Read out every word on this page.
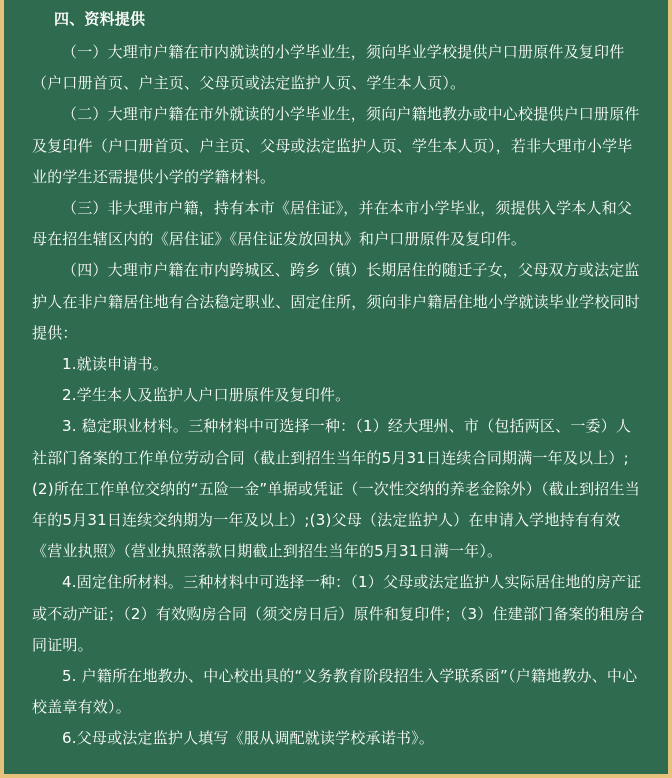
四、资料提供

（一）大理市户籍在市内就读的小学毕业生，须向毕业学校提供户口册原件及复印件（户口册首页、户主页、父母页或法定监护人页、学生本人页）。

（二）大理市户籍在市外就读的小学毕业生，须向户籍地教办或中心校提供户口册原件及复印件（户口册首页、户主页、父母或法定监护人页、学生本人页），若非大理市小学毕业的学生还需提供小学的学籍材料。

（三）非大理市户籍，持有本市《居住证》，并在本市小学毕业，须提供入学本人和父母在招生辖区内的《居住证》《居住证发放回执》和户口册原件及复印件。

（四）大理市户籍在市内跨城区、跨乡（镇）长期居住的随迁子女，父母双方或法定监护人在非户籍居住地有合法稳定职业、固定住所，须向非户籍居住地小学就读毕业学校同时提供：

1.就读申请书。

2.学生本人及监护人户口册原件及复印件。

3. 稳定职业材料。三种材料中可选择一种：（1）经大理州、市（包括两区、一委）人社部门备案的工作单位劳动合同（截止到招生当年的5月31日连续合同期满一年及以上）;(2)所在工作单位交纳的“五险一金”单据或凭证（一次性交纳的养老金除外）（截止到招生当年的5月31日连续交纳期为一年及以上）;(3)父母（法定监护人）在申请入学地持有有效《营业执照》（营业执照落款日期截止到招生当年的5月31日满一年）。

4.固定住所材料。三种材料中可选择一种：（1）父母或法定监护人实际居住地的房产证或不动产证；（2）有效购房合同（须交房日后）原件和复印件；（3）住建部门备案的租房合同证明。

5. 户籍所在地教办、中心校出具的“义务教育阶段招生入学联系函”（户籍地教办、中心校盖章有效）。

6.父母或法定监护人填写《服从调配就读学校承诺书》。
